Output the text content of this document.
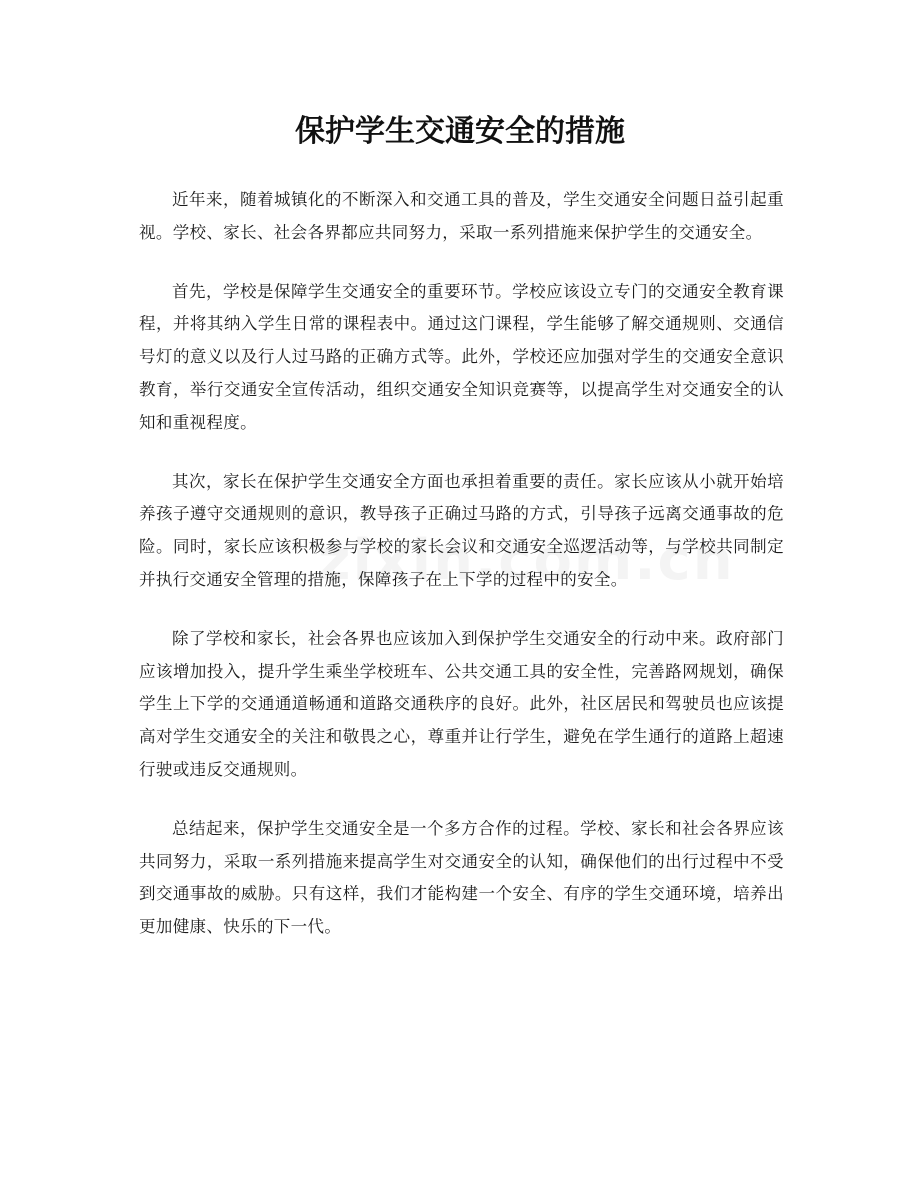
保护学生交通安全的措施

近年来，随着城镇化的不断深入和交通工具的普及，学生交通安全问题日益引起重视。学校、家长、社会各界都应共同努力，采取一系列措施来保护学生的交通安全。

首先，学校是保障学生交通安全的重要环节。学校应该设立专门的交通安全教育课程，并将其纳入学生日常的课程表中。通过这门课程，学生能够了解交通规则、交通信号灯的意义以及行人过马路的正确方式等。此外，学校还应加强对学生的交通安全意识教育，举行交通安全宣传活动，组织交通安全知识竞赛等，以提高学生对交通安全的认知和重视程度。

其次，家长在保护学生交通安全方面也承担着重要的责任。家长应该从小就开始培养孩子遵守交通规则的意识，教导孩子正确过马路的方式，引导孩子远离交通事故的危险。同时，家长应该积极参与学校的家长会议和交通安全巡逻活动等，与学校共同制定并执行交通安全管理的措施，保障孩子在上下学的过程中的安全。

除了学校和家长，社会各界也应该加入到保护学生交通安全的行动中来。政府部门应该增加投入，提升学生乘坐学校班车、公共交通工具的安全性，完善路网规划，确保学生上下学的交通通道畅通和道路交通秩序的良好。此外，社区居民和驾驶员也应该提高对学生交通安全的关注和敬畏之心，尊重并让行学生，避免在学生通行的道路上超速行驶或违反交通规则。

总结起来，保护学生交通安全是一个多方合作的过程。学校、家长和社会各界应该共同努力，采取一系列措施来提高学生对交通安全的认知，确保他们的出行过程中不受到交通事故的威胁。只有这样，我们才能构建一个安全、有序的学生交通环境，培养出更加健康、快乐的下一代。
